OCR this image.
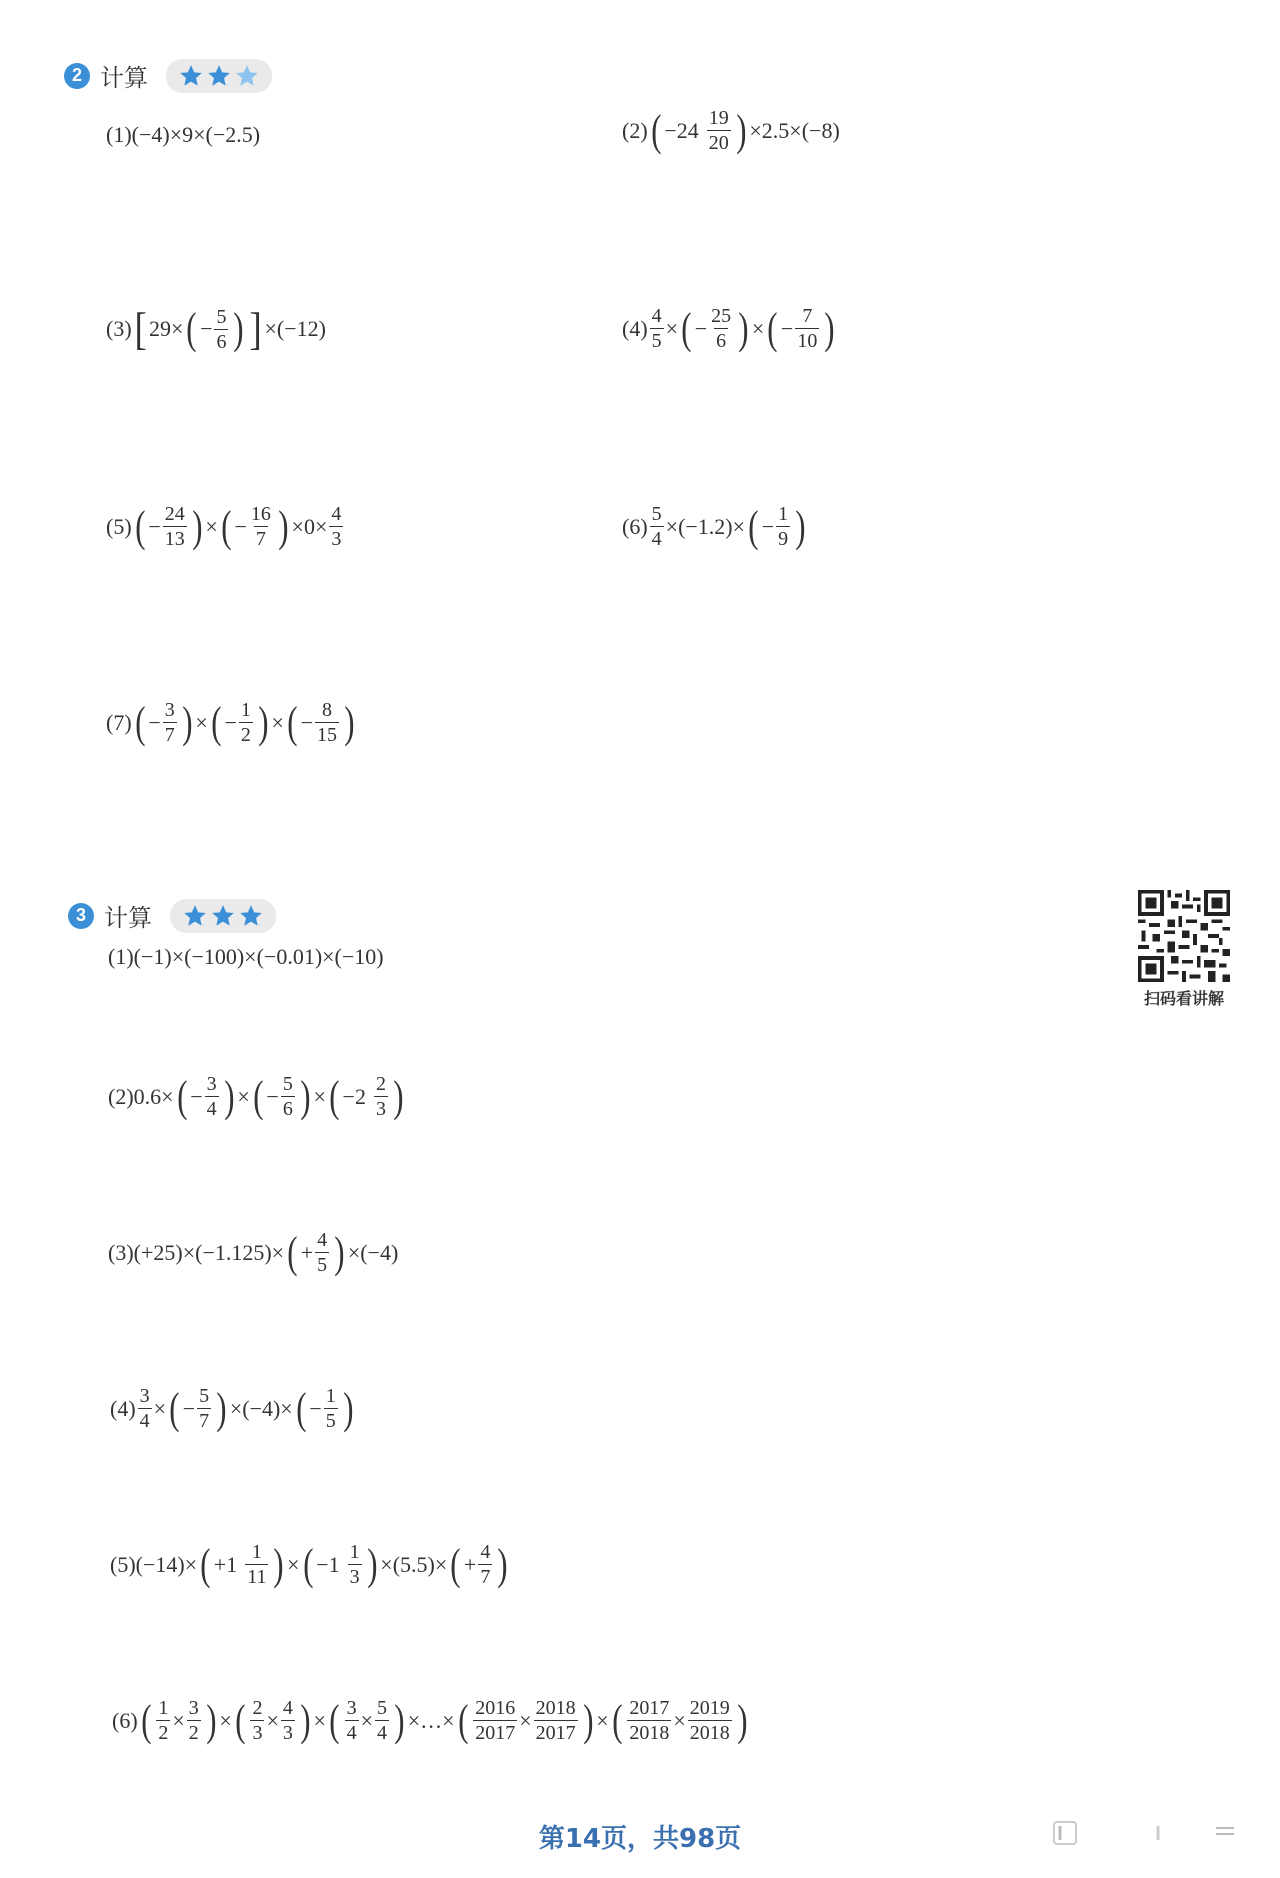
2 计算
(1) (−4)×9×(−2.5)	(2) ( $-24 \frac{19}{20}$ ) ×2.5×(−8)
(3) [ 29× ( − $\frac{5}{6}$ ) ] ×(−12)	$(4) \frac{4}{5}$ × ( − $\frac{25}{6}$ ) × ( − $\frac{7}{10}$ )
(5) ( − $\frac{24}{13}$ ) × ( − $\frac{16}{7}$ ) $\times 0\times \frac{4}{3}$	$(6) \frac{5}{4} \times(-1.2)\times$ ( − $\frac{1}{9}$ )
(7) ( − $\frac{3}{7}$ ) × ( − $\frac{1}{2}$ ) × ( − $\frac{8}{15}$ )
3 计算
(1) (−1)×(−100)×(−0.01)×(−10)
(2) 0.6× ( − $\frac{3}{4}$ ) × ( − $\frac{5}{6}$ ) × ( $-2 \frac{2}{3}$ )
(3) (+25)×(−1.125)× ( + $\frac{4}{5}$ ) ×(−4)
$(4) \frac{3}{4}$ × ( − $\frac{5}{7}$ ) ×(−4)× ( − $\frac{1}{5}$ )
(5) (−14)× ( $+1 \frac{1}{11}$ ) × ( $-1 \frac{1}{3}$ ) ×(5.5)× ( + $\frac{4}{7}$ )
(6) ( $\frac{1}{2} \times \frac{3}{2}$ ) × ( $\frac{2}{3} \times \frac{4}{3}$ ) × ( $\frac{3}{4} \times \frac{5}{4}$ ) ×…× ( $\frac{2016}{2017} \times \frac{2018}{2017}$ ) × ( $\frac{2017}{2018} \times \frac{2019}{2018}$ )
扫码看讲解
第14页，共98页
